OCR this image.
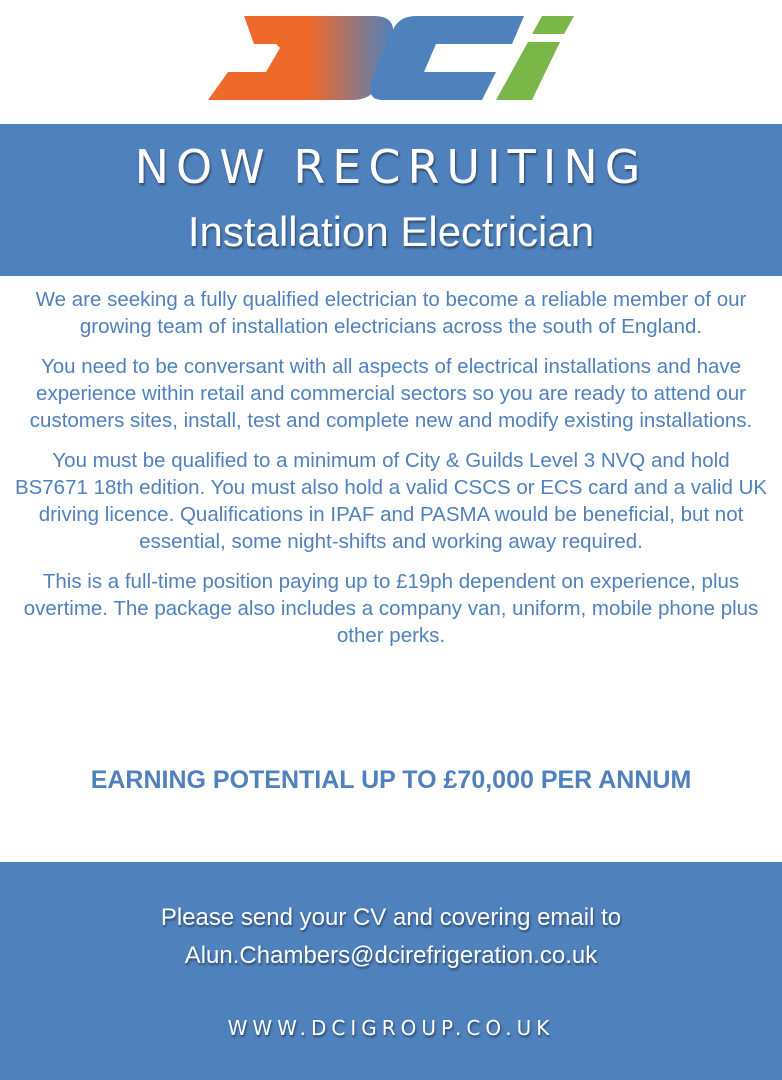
NOW RECRUITING
Installation Electrician

We are seeking a fully qualified electrician to become a reliable member of our growing team of installation electricians across the south of England.

You need to be conversant with all aspects of electrical installations and have experience within retail and commercial sectors so you are ready to attend our customers sites, install, test and complete new and modify existing installations.

You must be qualified to a minimum of City & Guilds Level 3 NVQ and hold BS7671 18th edition. You must also hold a valid CSCS or ECS card and a valid UK driving licence. Qualifications in IPAF and PASMA would be beneficial, but not essential, some night-shifts and working away required.

This is a full-time position paying up to £19ph dependent on experience, plus overtime. The package also includes a company van, uniform, mobile phone plus other perks.

EARNING POTENTIAL UP TO £70,000 PER ANNUM
Please send your CV and covering email to
Alun.Chambers@dcirefrigeration.co.uk
WWW.DCIGROUP.CO.UK
